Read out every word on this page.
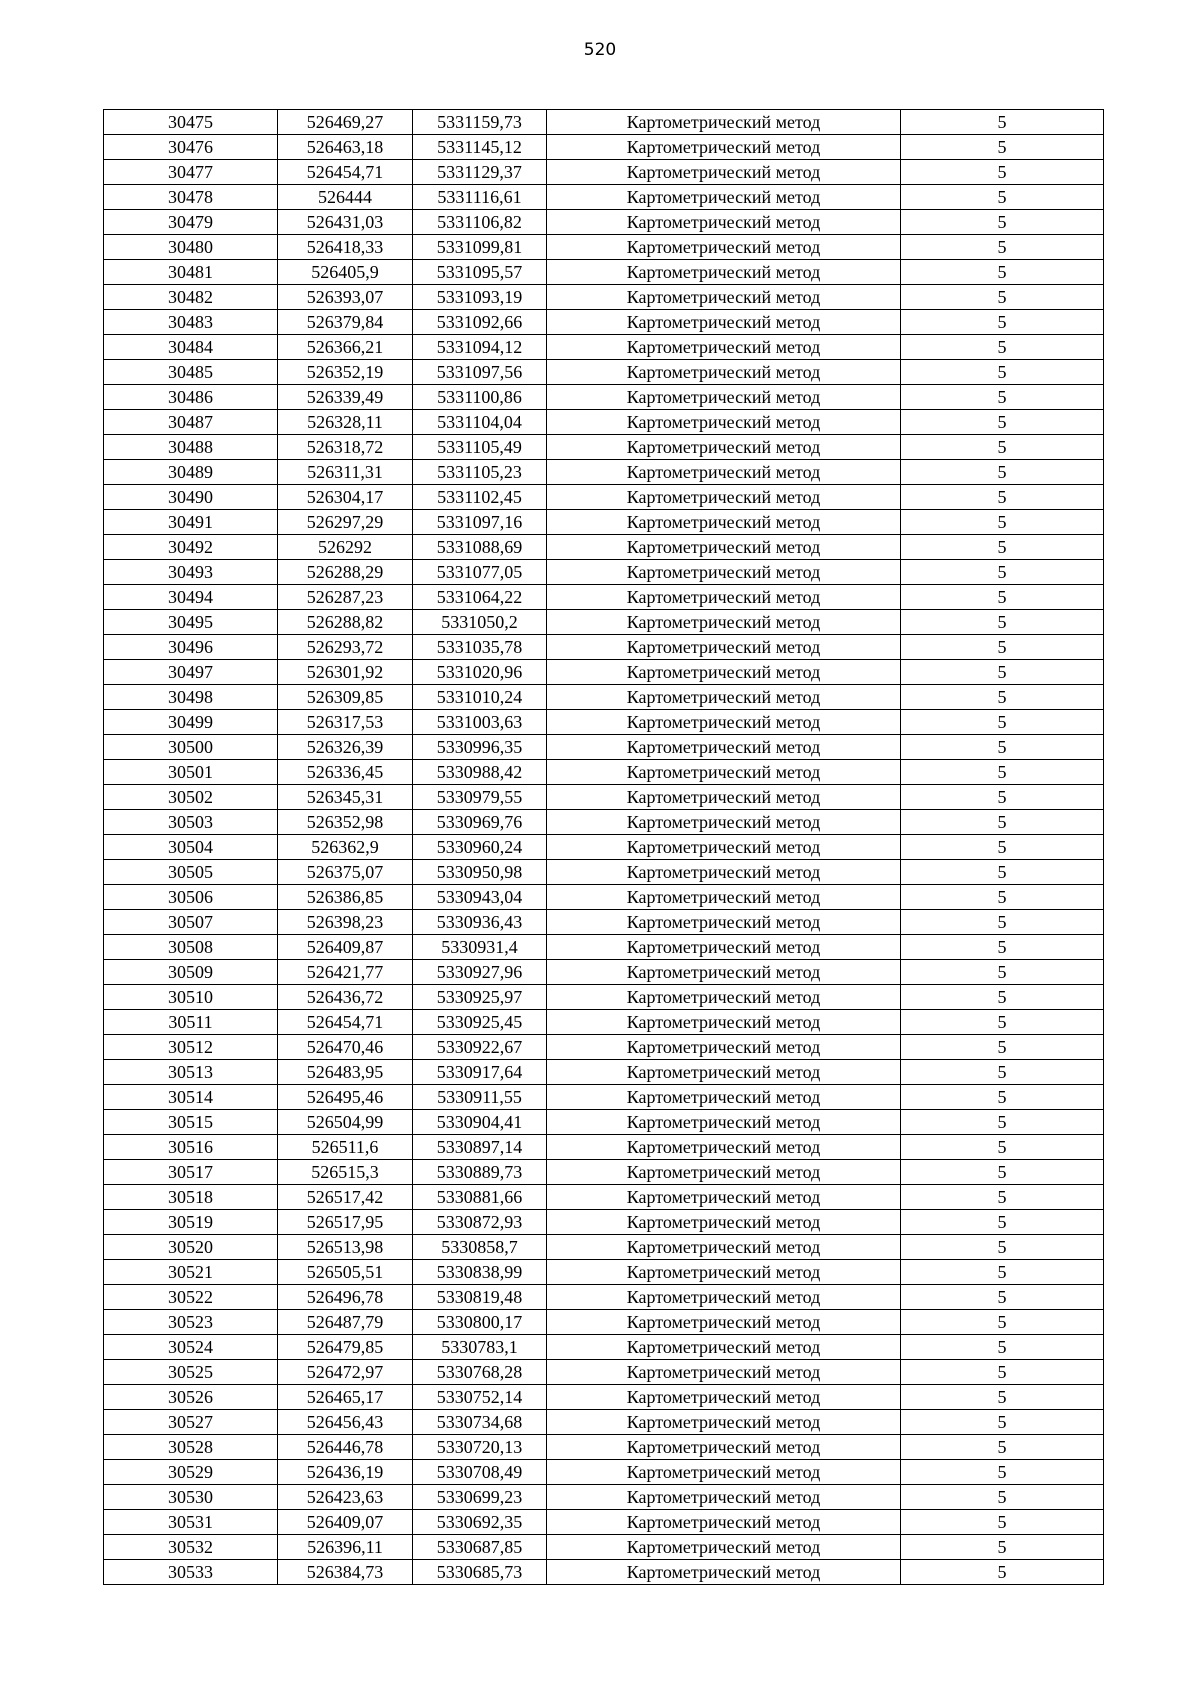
520
30475	526469,27	5331159,73	Картометрический метод	5
30476	526463,18	5331145,12	Картометрический метод	5
30477	526454,71	5331129,37	Картометрический метод	5
30478	526444	5331116,61	Картометрический метод	5
30479	526431,03	5331106,82	Картометрический метод	5
30480	526418,33	5331099,81	Картометрический метод	5
30481	526405,9	5331095,57	Картометрический метод	5
30482	526393,07	5331093,19	Картометрический метод	5
30483	526379,84	5331092,66	Картометрический метод	5
30484	526366,21	5331094,12	Картометрический метод	5
30485	526352,19	5331097,56	Картометрический метод	5
30486	526339,49	5331100,86	Картометрический метод	5
30487	526328,11	5331104,04	Картометрический метод	5
30488	526318,72	5331105,49	Картометрический метод	5
30489	526311,31	5331105,23	Картометрический метод	5
30490	526304,17	5331102,45	Картометрический метод	5
30491	526297,29	5331097,16	Картометрический метод	5
30492	526292	5331088,69	Картометрический метод	5
30493	526288,29	5331077,05	Картометрический метод	5
30494	526287,23	5331064,22	Картометрический метод	5
30495	526288,82	5331050,2	Картометрический метод	5
30496	526293,72	5331035,78	Картометрический метод	5
30497	526301,92	5331020,96	Картометрический метод	5
30498	526309,85	5331010,24	Картометрический метод	5
30499	526317,53	5331003,63	Картометрический метод	5
30500	526326,39	5330996,35	Картометрический метод	5
30501	526336,45	5330988,42	Картометрический метод	5
30502	526345,31	5330979,55	Картометрический метод	5
30503	526352,98	5330969,76	Картометрический метод	5
30504	526362,9	5330960,24	Картометрический метод	5
30505	526375,07	5330950,98	Картометрический метод	5
30506	526386,85	5330943,04	Картометрический метод	5
30507	526398,23	5330936,43	Картометрический метод	5
30508	526409,87	5330931,4	Картометрический метод	5
30509	526421,77	5330927,96	Картометрический метод	5
30510	526436,72	5330925,97	Картометрический метод	5
30511	526454,71	5330925,45	Картометрический метод	5
30512	526470,46	5330922,67	Картометрический метод	5
30513	526483,95	5330917,64	Картометрический метод	5
30514	526495,46	5330911,55	Картометрический метод	5
30515	526504,99	5330904,41	Картометрический метод	5
30516	526511,6	5330897,14	Картометрический метод	5
30517	526515,3	5330889,73	Картометрический метод	5
30518	526517,42	5330881,66	Картометрический метод	5
30519	526517,95	5330872,93	Картометрический метод	5
30520	526513,98	5330858,7	Картометрический метод	5
30521	526505,51	5330838,99	Картометрический метод	5
30522	526496,78	5330819,48	Картометрический метод	5
30523	526487,79	5330800,17	Картометрический метод	5
30524	526479,85	5330783,1	Картометрический метод	5
30525	526472,97	5330768,28	Картометрический метод	5
30526	526465,17	5330752,14	Картометрический метод	5
30527	526456,43	5330734,68	Картометрический метод	5
30528	526446,78	5330720,13	Картометрический метод	5
30529	526436,19	5330708,49	Картометрический метод	5
30530	526423,63	5330699,23	Картометрический метод	5
30531	526409,07	5330692,35	Картометрический метод	5
30532	526396,11	5330687,85	Картометрический метод	5
30533	526384,73	5330685,73	Картометрический метод	5
